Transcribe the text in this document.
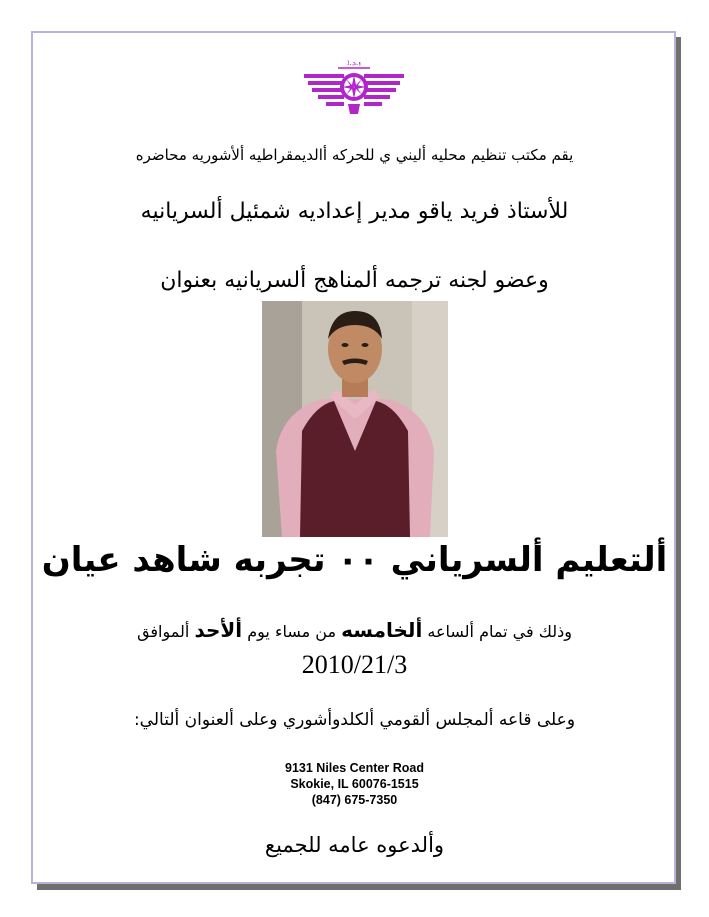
ܙ.ܕ.ܐ
يقم مكتب تنظيم محليه أليني ي للحركه أالديمقراطيه ألأشوريه محاضره
للأستاذ فريد ياقو مدير إعداديه شمئيل ألسريانيه
وعضو لجنه ترجمه ألمناهج ألسريانيه بعنوان
ألتعليم ألسرياني ٠٠ تجربه شاهد عيان
وذلك في تمام ألساعه ألخامسه من مساء يوم ألأحد ألموافق
2010/21/3
وعلى قاعه ألمجلس ألقومي ألكلدوأشوري وعلى ألعنوان ألتالي:
9131 Niles Center Road
Skokie, IL 60076-1515
(847) 675-7350
وألدعوه عامه للجميع
